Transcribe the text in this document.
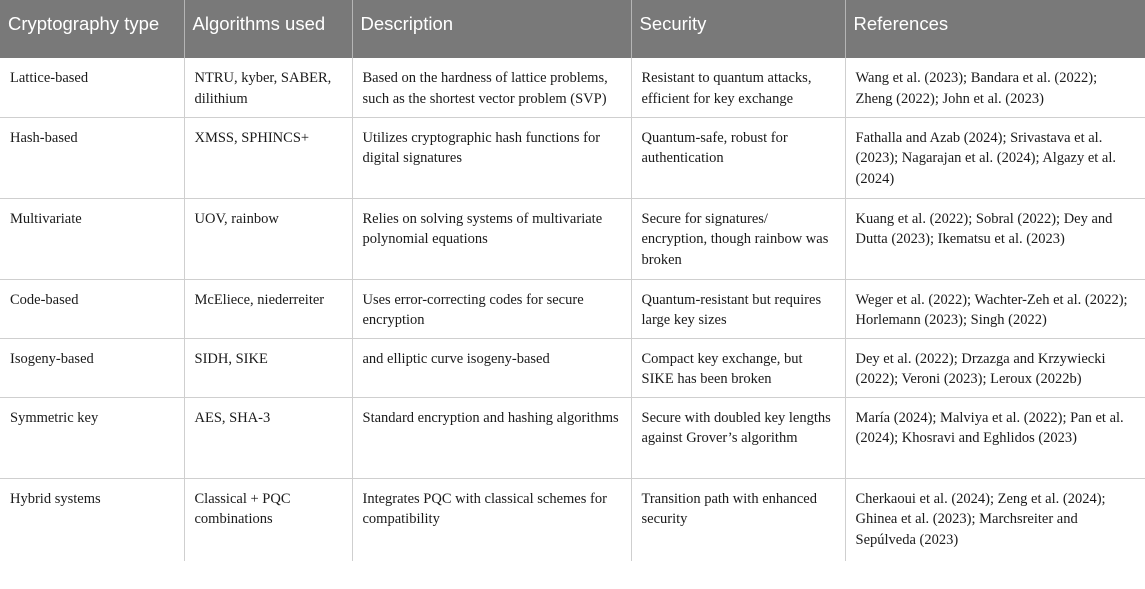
Cryptography type	Algorithms used	Description	Security	References
Lattice-based	NTRU, kyber, SABER, dilithium	Based on the hardness of lattice problems, such as the shortest vector problem (SVP)	Resistant to quantum attacks, efficient for key exchange	Wang et al. (2023); Bandara et al. (2022); Zheng (2022); John et al. (2023)
Hash-based	XMSS, SPHINCS+	Utilizes cryptographic hash functions for digital signatures	Quantum-safe, robust for authentication	Fathalla and Azab (2024); Srivastava et al. (2023); Nagarajan et al. (2024); Algazy et al. (2024)
Multivariate	UOV, rainbow	Relies on solving systems of multivariate polynomial equations	Secure for signatures/ encryption, though rainbow was broken	Kuang et al. (2022); Sobral (2022); Dey and Dutta (2023); Ikematsu et al. (2023)
Code-based	McEliece, niederreiter	Uses error-correcting codes for secure encryption	Quantum-resistant but requires large key sizes	Weger et al. (2022); Wachter-Zeh et al. (2022); Horlemann (2023); Singh (2022)
Isogeny-based	SIDH, SIKE	and elliptic curve isogeny-based	Compact key exchange, but SIKE has been broken	Dey et al. (2022); Drzazga and Krzywiecki (2022); Veroni (2023); Leroux (2022b)
Symmetric key	AES, SHA-3	Standard encryption and hashing algorithms	Secure with doubled key lengths against Grover’s algorithm	María (2024); Malviya et al. (2022); Pan et al. (2024); Khosravi and Eghlidos (2023)
Hybrid systems	Classical + PQC combinations	Integrates PQC with classical schemes for compatibility	Transition path with enhanced security	Cherkaoui et al. (2024); Zeng et al. (2024); Ghinea et al. (2023); Marchsreiter and Sepúlveda (2023)
